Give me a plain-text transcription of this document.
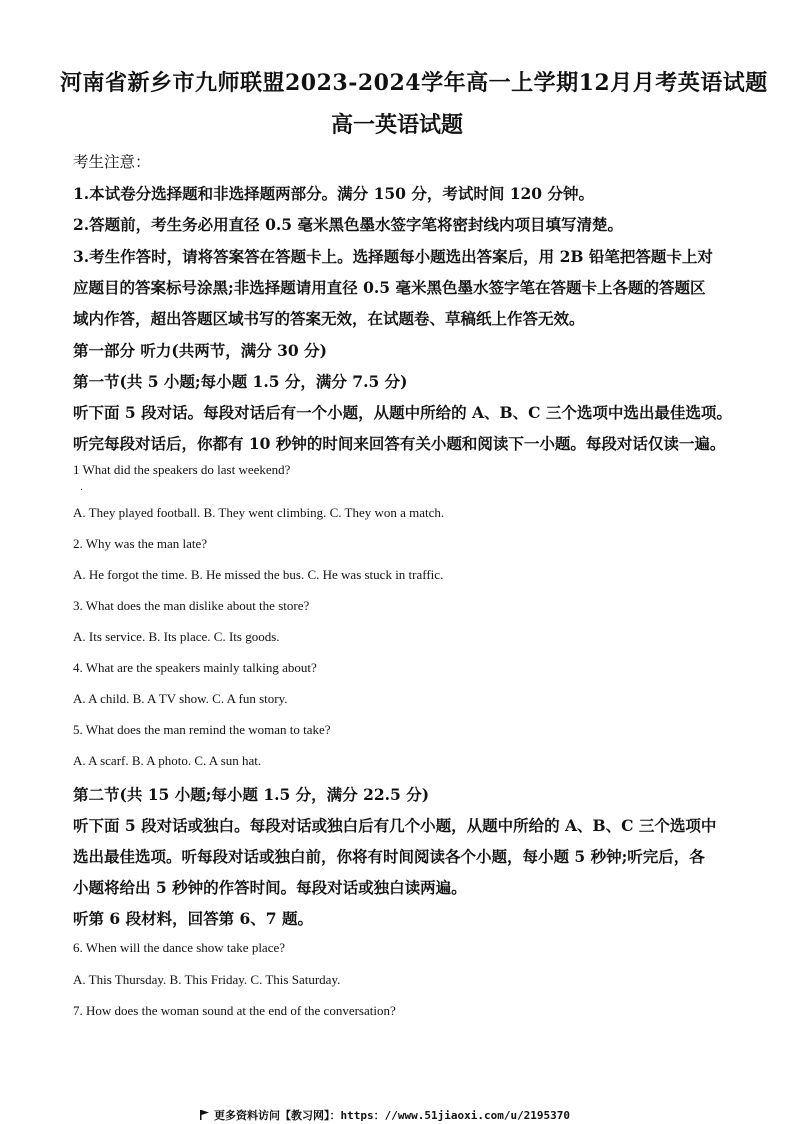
河南省新乡市九师联盟2023-2024学年高一上学期12月月考英语试题
高一英语试题
考生注意：
1.本试卷分选择题和非选择题两部分。满分 150 分，考试时间 120 分钟。
2.答题前，考生务必用直径 0.5 毫米黑色墨水签字笔将密封线内项目填写清楚。
3.考生作答时，请将答案答在答题卡上。选择题每小题选出答案后，用 2B 铅笔把答题卡上对
应题目的答案标号涂黑;非选择题请用直径 0.5 毫米黑色墨水签字笔在答题卡上各题的答题区
域内作答，超出答题区域书写的答案无效，在试题卷、草稿纸上作答无效。
第一部分 听力(共两节，满分 30 分)
第一节(共 5 小题;每小题 1.5 分，满分 7.5 分)
听下面 5 段对话。每段对话后有一个小题，从题中所给的 A、B、C 三个选项中选出最佳选项。
听完每段对话后，你都有 10 秒钟的时间来回答有关小题和阅读下一小题。每段对话仅读一遍。
1 What did the speakers do last weekend?
．
A. They played football. B. They went climbing. C. They won a match.
2. Why was the man late?
A. He forgot the time. B. He missed the bus. C. He was stuck in traffic.
3. What does the man dislike about the store?
A. Its service. B. Its place. C. Its goods.
4. What are the speakers mainly talking about?
A. A child. B. A TV show. C. A fun story.
5. What does the man remind the woman to take?
A. A scarf. B. A photo. C. A sun hat.
第二节(共 15 小题;每小题 1.5 分，满分 22.5 分)
听下面 5 段对话或独白。每段对话或独白后有几个小题，从题中所给的 A、B、C 三个选项中
选出最佳选项。听每段对话或独白前，你将有时间阅读各个小题，每小题 5 秒钟;听完后，各
小题将给出 5 秒钟的作答时间。每段对话或独白读两遍。
听第 6 段材料，回答第 6、7 题。
6. When will the dance show take place?
A. This Thursday. B. This Friday. C. This Saturday.
7. How does the woman sound at the end of the conversation?
更多资料访问【教习网】：https：//www.51jiaoxi.com/u/2195370
